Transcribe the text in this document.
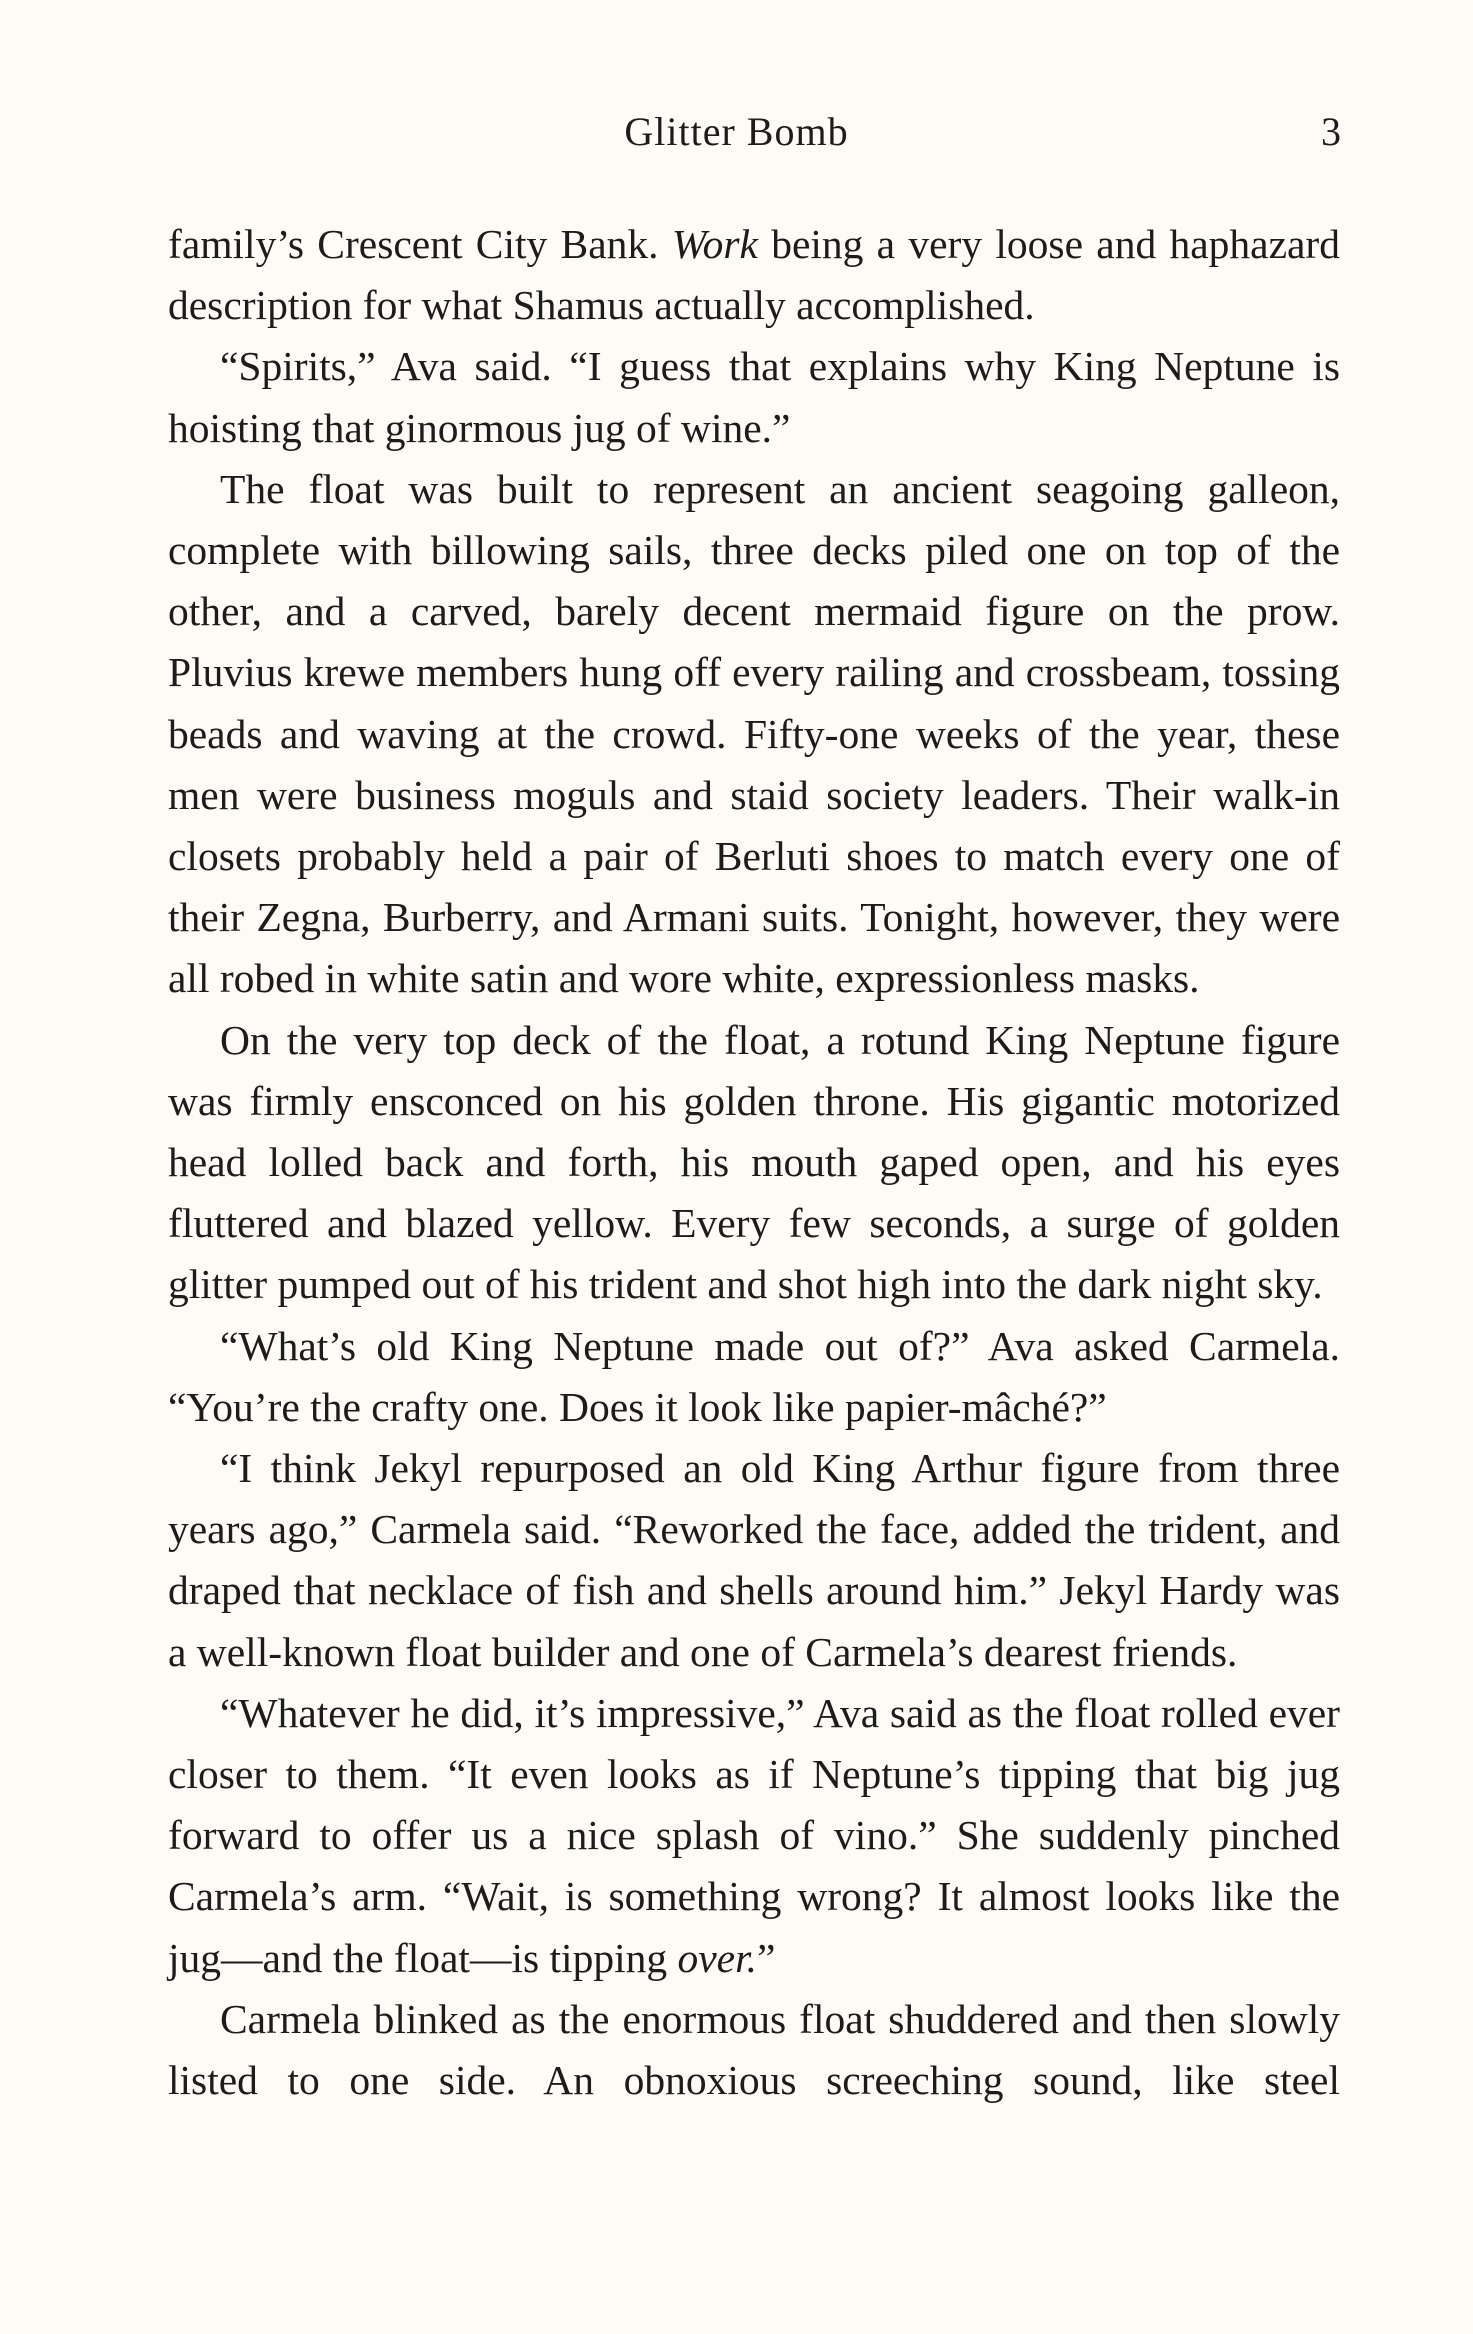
Glitter Bomb	3

family’s Crescent City Bank. Work being a very loose and haphazard description for what Shamus actually accomplished.

“Spirits,” Ava said. “I guess that explains why King Neptune is hoisting that ginormous jug of wine.”

The float was built to represent an ancient seagoing galleon, complete with billowing sails, three decks piled one on top of the other, and a carved, barely decent mermaid figure on the prow. Pluvius krewe members hung off every railing and crossbeam, tossing beads and waving at the crowd. Fifty-one weeks of the year, these men were business moguls and staid society leaders. Their walk-in closets probably held a pair of Berluti shoes to match every one of their Zegna, Burberry, and Armani suits. Tonight, however, they were all robed in white satin and wore white, expressionless masks.

On the very top deck of the float, a rotund King Neptune figure was firmly ensconced on his golden throne. His gigantic motorized head lolled back and forth, his mouth gaped open, and his eyes fluttered and blazed yellow. Every few seconds, a surge of golden glitter pumped out of his trident and shot high into the dark night sky.

“What’s old King Neptune made out of?” Ava asked Carmela. “You’re the crafty one. Does it look like papier-mâché?”

“I think Jekyl repurposed an old King Arthur figure from three years ago,” Carmela said. “Reworked the face, added the trident, and draped that necklace of fish and shells around him.” Jekyl Hardy was a well-known float builder and one of Carmela’s dearest friends.

“Whatever he did, it’s impressive,” Ava said as the float rolled ever closer to them. “It even looks as if Neptune’s tipping that big jug forward to offer us a nice splash of vino.” She suddenly pinched Carmela’s arm. “Wait, is something wrong? It almost looks like the jug—and the float—is tipping over.”

Carmela blinked as the enormous float shuddered and then slowly listed to one side. An obnoxious screeching sound, like steel
